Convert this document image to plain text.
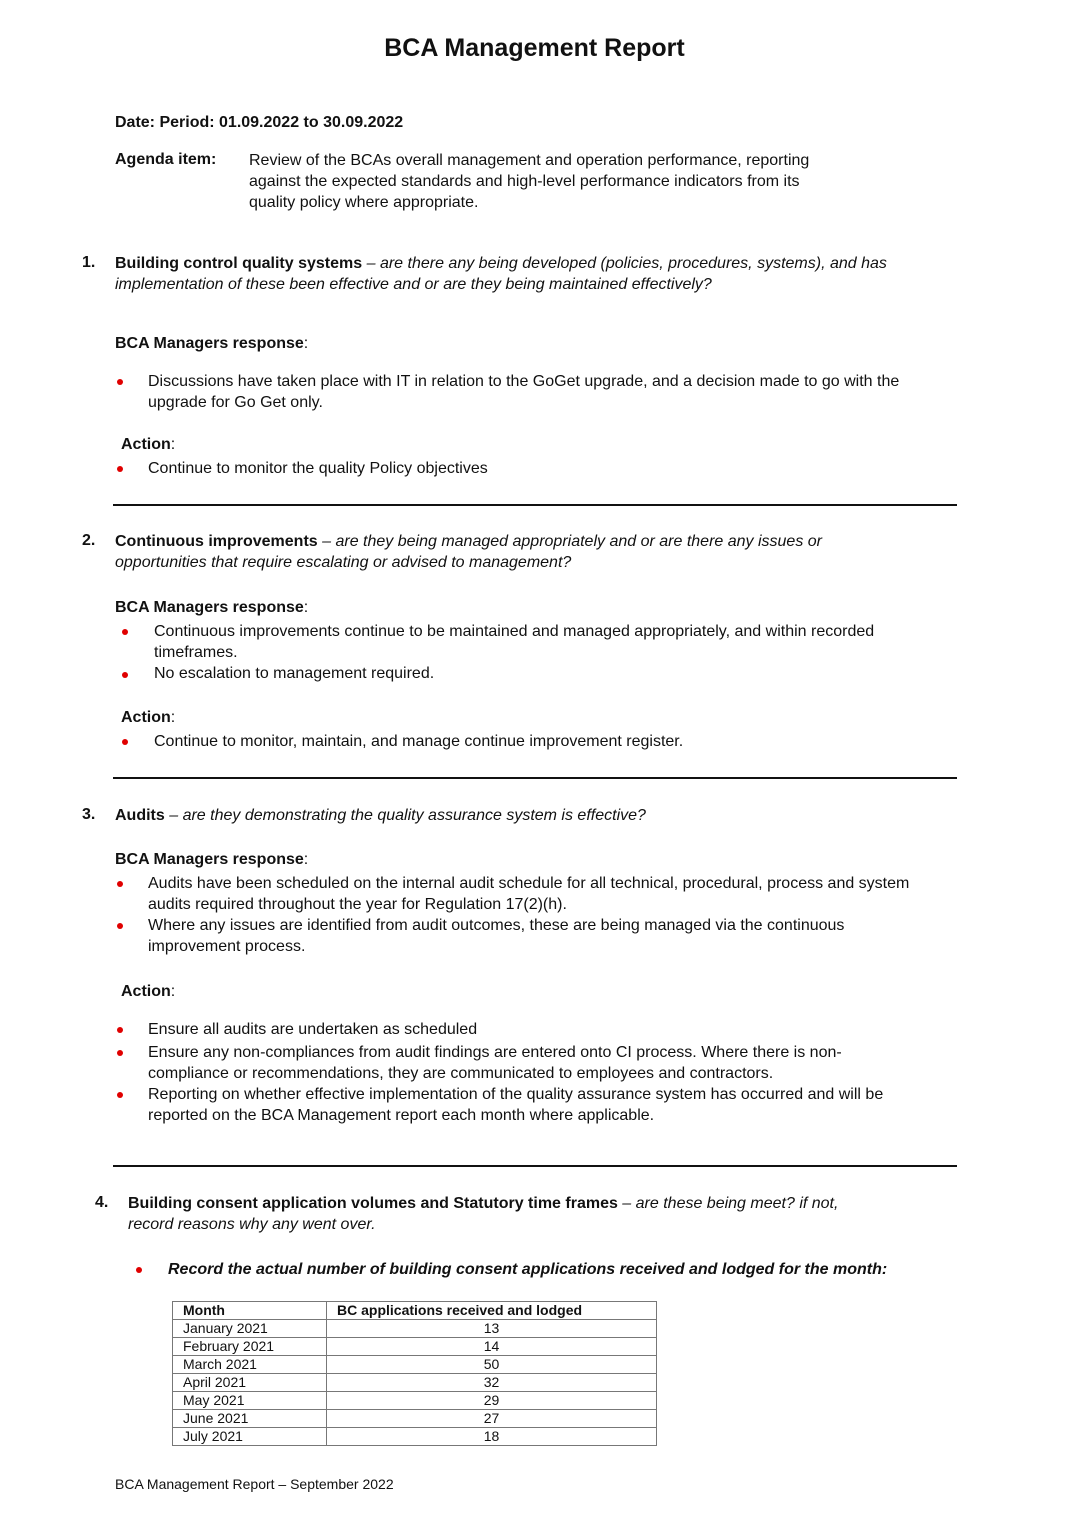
BCA Management Report
Date: Period: 01.09.2022 to 30.09.2022
Agenda item: Review of the BCAs overall management and operation performance, reporting
against the expected standards and high-level performance indicators from its
quality policy where appropriate.
1. Building control quality systems – are there any being developed (policies, procedures, systems), and has
implementation of these been effective and or are they being maintained effectively?
BCA Managers response:
Discussions have taken place with IT in relation to the GoGet upgrade, and a decision made to go with the
upgrade for Go Get only.
Action:
Continue to monitor the quality Policy objectives
2. Continuous improvements – are they being managed appropriately and or are there any issues or
opportunities that require escalating or advised to management?
BCA Managers response:
Continuous improvements continue to be maintained and managed appropriately, and within recorded
timeframes.
No escalation to management required.
Action:
Continue to monitor, maintain, and manage continue improvement register.
3. Audits – are they demonstrating the quality assurance system is effective?
BCA Managers response:
Audits have been scheduled on the internal audit schedule for all technical, procedural, process and system
audits required throughout the year for Regulation 17(2)(h).
Where any issues are identified from audit outcomes, these are being managed via the continuous
improvement process.
Action:
Ensure all audits are undertaken as scheduled
Ensure any non-compliances from audit findings are entered onto CI process. Where there is non-
compliance or recommendations, they are communicated to employees and contractors.
Reporting on whether effective implementation of the quality assurance system has occurred and will be
reported on the BCA Management report each month where applicable.
4. Building consent application volumes and Statutory time frames – are these being meet? if not,
record reasons why any went over.
Record the actual number of building consent applications received and lodged for the month:
Month	BC applications received and lodged
January 2021	13
February 2021	14
March 2021	50
April 2021	32
May 2021	29
June 2021	27
July 2021	18
BCA Management Report – September 2022
